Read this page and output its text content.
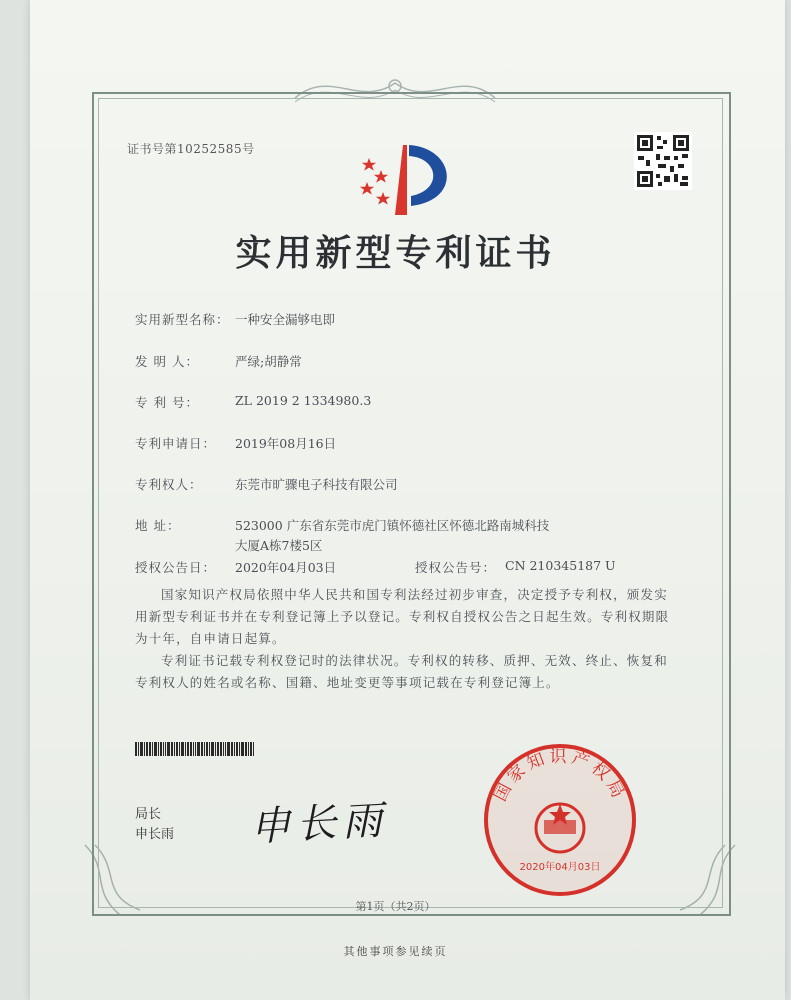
证书号第10252585号
实用新型专利证书
实用新型名称： 一种安全漏够电即
发 明 人：	严绿;胡静常
专 利 号：	ZL 2019 2 1334980.3
专利申请日： 2019年08月16日
专利权人：	东莞市旷骤电子科技有限公司
地 址：	523000 广东省东莞市虎门镇怀德社区怀德北路南城科技
大厦A栋7楼5区
授权公告日： 2020年04月03日	授权公告号： CN 210345187 U
国家知识产权局依照中华人民共和国专利法经过初步审查，决定授予专利权，颁发实用新型专利证书并在专利登记簿上予以登记。专利权自授权公告之日起生效。专利权期限为十年，自申请日起算。
专利证书记载专利权登记时的法律状况。专利权的转移、质押、无效、终止、恢复和专利权人的姓名或名称、国籍、地址变更等事项记载在专利登记簿上。
局长
申长雨 申长雨
国家知识产权局
2020年04月03日
第1页（共2页）
其他事项参见续页
